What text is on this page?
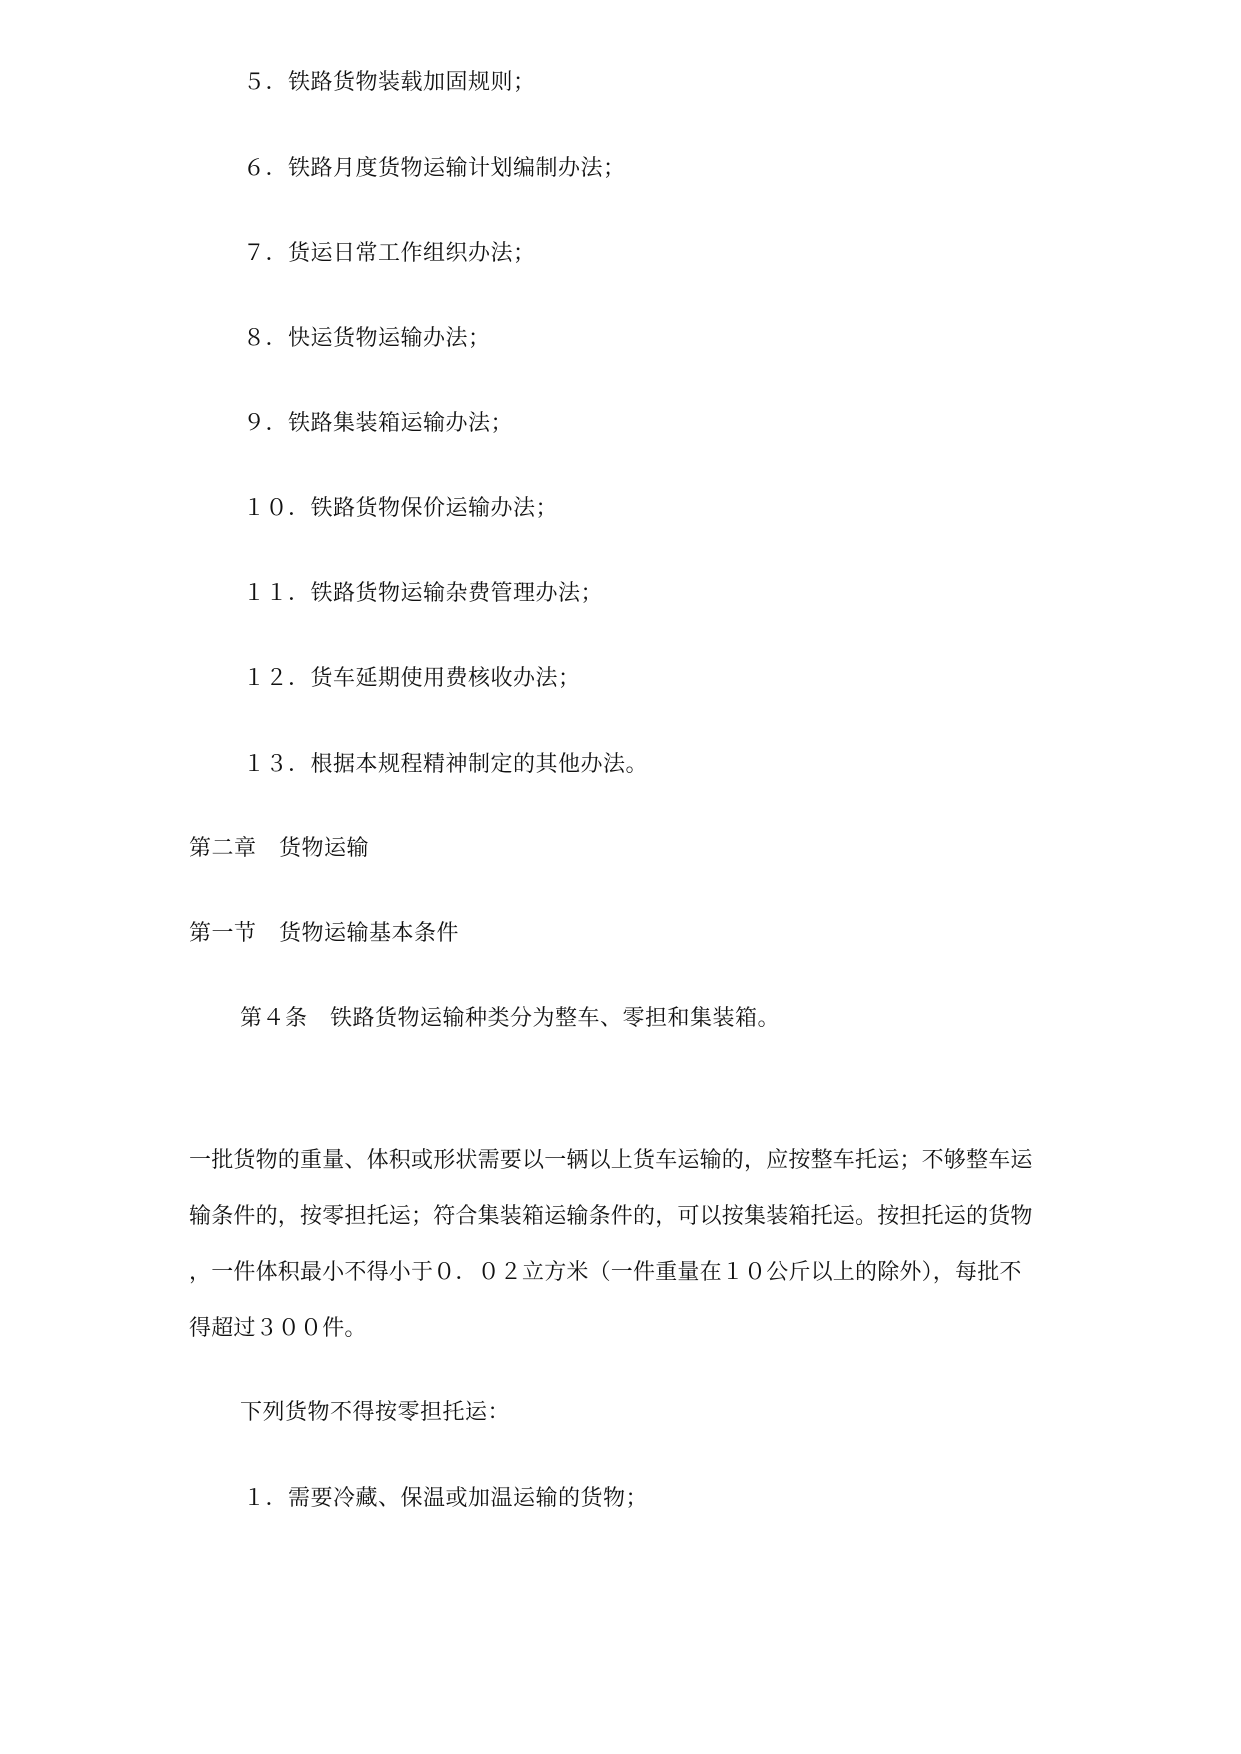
５．铁路货物装载加固规则；
６．铁路月度货物运输计划编制办法；
７．货运日常工作组织办法；
８．快运货物运输办法；
９．铁路集装箱运输办法；
１０．铁路货物保价运输办法；
１１．铁路货物运输杂费管理办法；
１２．货车延期使用费核收办法；
１３．根据本规程精神制定的其他办法。
第二章　货物运输
第一节　货物运输基本条件
第４条　铁路货物运输种类分为整车、零担和集装箱。
一批货物的重量、体积或形状需要以一辆以上货车运输的，应按整车托运；不够整车运
输条件的，按零担托运；符合集装箱运输条件的，可以按集装箱托运。按担托运的货物
，一件体积最小不得小于０．０２立方米（一件重量在１０公斤以上的除外），每批不
得超过３００件。
下列货物不得按零担托运：
１．需要冷藏、保温或加温运输的货物；
